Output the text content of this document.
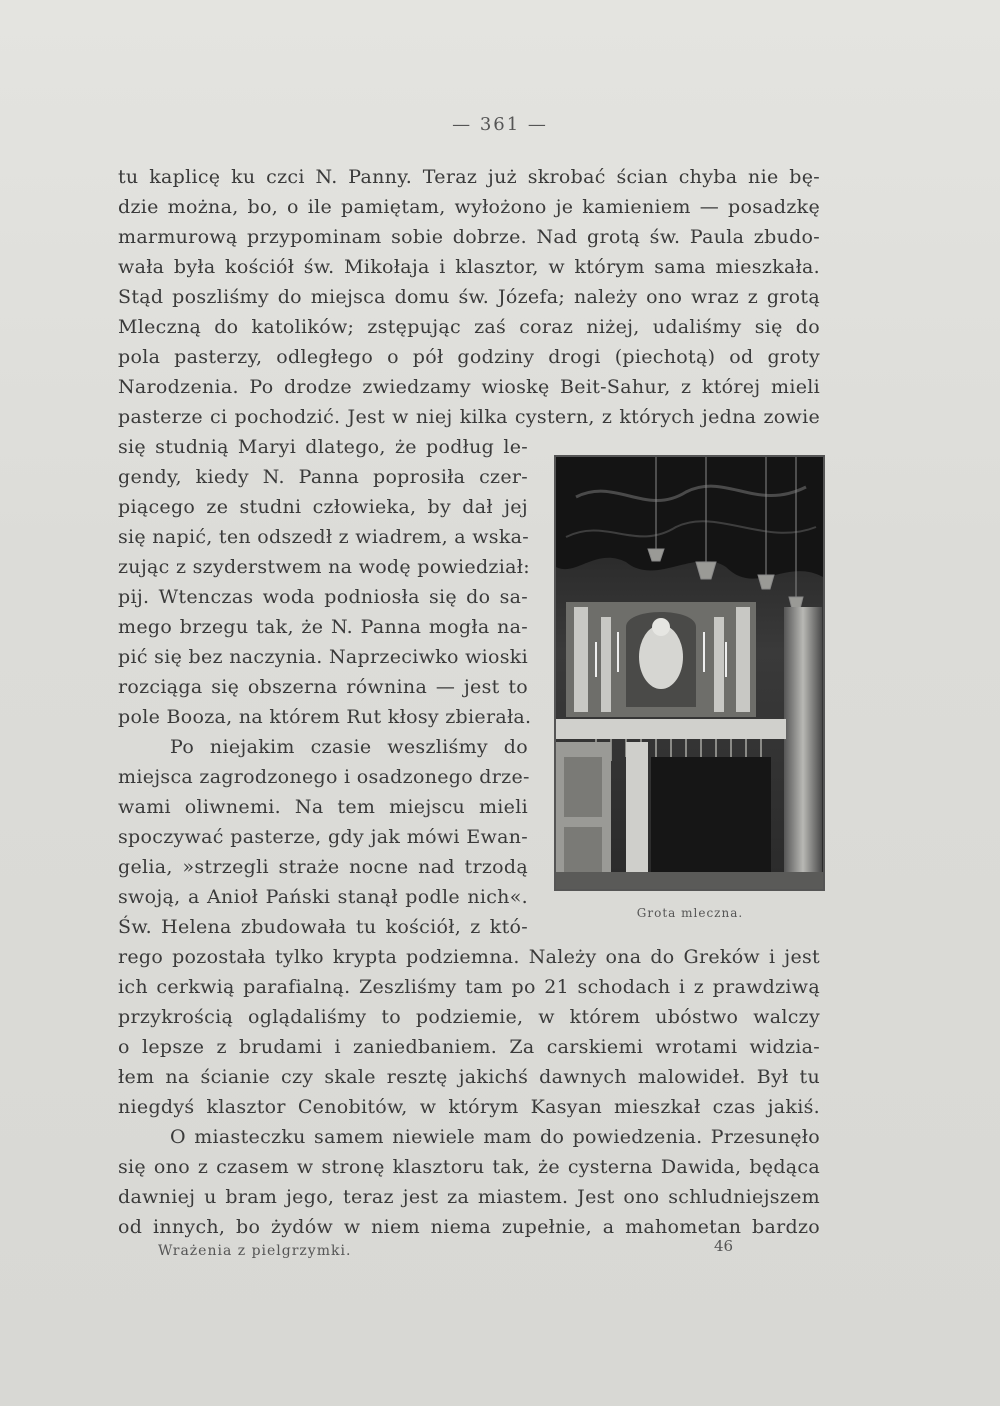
— 361 —
tu kaplicę ku czci N. Panny. Teraz już skrobać ścian chyba nie bę-
dzie można, bo, o ile pamiętam, wyłożono je kamieniem — posadzkę
marmurową przypominam sobie dobrze. Nad grotą św. Paula zbudo-
wała była kościół św. Mikołaja i klasztor, w którym sama mieszkała.
Stąd poszliśmy do miejsca domu św. Józefa; należy ono wraz z grotą
Mleczną do katolików; zstępując zaś coraz niżej, udaliśmy się do
pola pasterzy, odległego o pół godziny drogi (piechotą) od groty
Narodzenia. Po drodze zwiedzamy wioskę Beit-Sahur, z której mieli
pasterze ci pochodzić. Jest w niej kilka cystern, z których jedna zowie
się studnią Maryi dlatego, że podług le-
gendy, kiedy N. Panna poprosiła czer-
piącego ze studni człowieka, by dał jej
się napić, ten odszedł z wiadrem, a wska-
zując z szyderstwem na wodę powiedział:
pij. Wtenczas woda podniosła się do sa-
mego brzegu tak, że N. Panna mogła na-
pić się bez naczynia. Naprzeciwko wioski
rozciąga się obszerna równina — jest to
pole Booza, na którem Rut kłosy zbierała.
Po niejakim czasie weszliśmy do
miejsca zagrodzonego i osadzonego drze-
wami oliwnemi. Na tem miejscu mieli
spoczywać pasterze, gdy jak mówi Ewan-
gelia, »strzegli straże nocne nad trzodą
swoją, a Anioł Pański stanął podle nich«.
Św. Helena zbudowała tu kościół, z któ-
Grota mleczna.
rego pozostała tylko krypta podziemna. Należy ona do Greków i jest
ich cerkwią parafialną. Zeszliśmy tam po 21 schodach i z prawdziwą
przykrością oglądaliśmy to podziemie, w którem ubóstwo walczy
o lepsze z brudami i zaniedbaniem. Za carskiemi wrotami widzia-
łem na ścianie czy skale resztę jakichś dawnych malowideł. Był tu
niegdyś klasztor Cenobitów, w którym Kasyan mieszkał czas jakiś.
O miasteczku samem niewiele mam do powiedzenia. Przesunęło
się ono z czasem w stronę klasztoru tak, że cysterna Dawida, będąca
dawniej u bram jego, teraz jest za miastem. Jest ono schludniejszem
od innych, bo żydów w niem niema zupełnie, a mahometan bardzo
Wrażenia z pielgrzymki.	46
